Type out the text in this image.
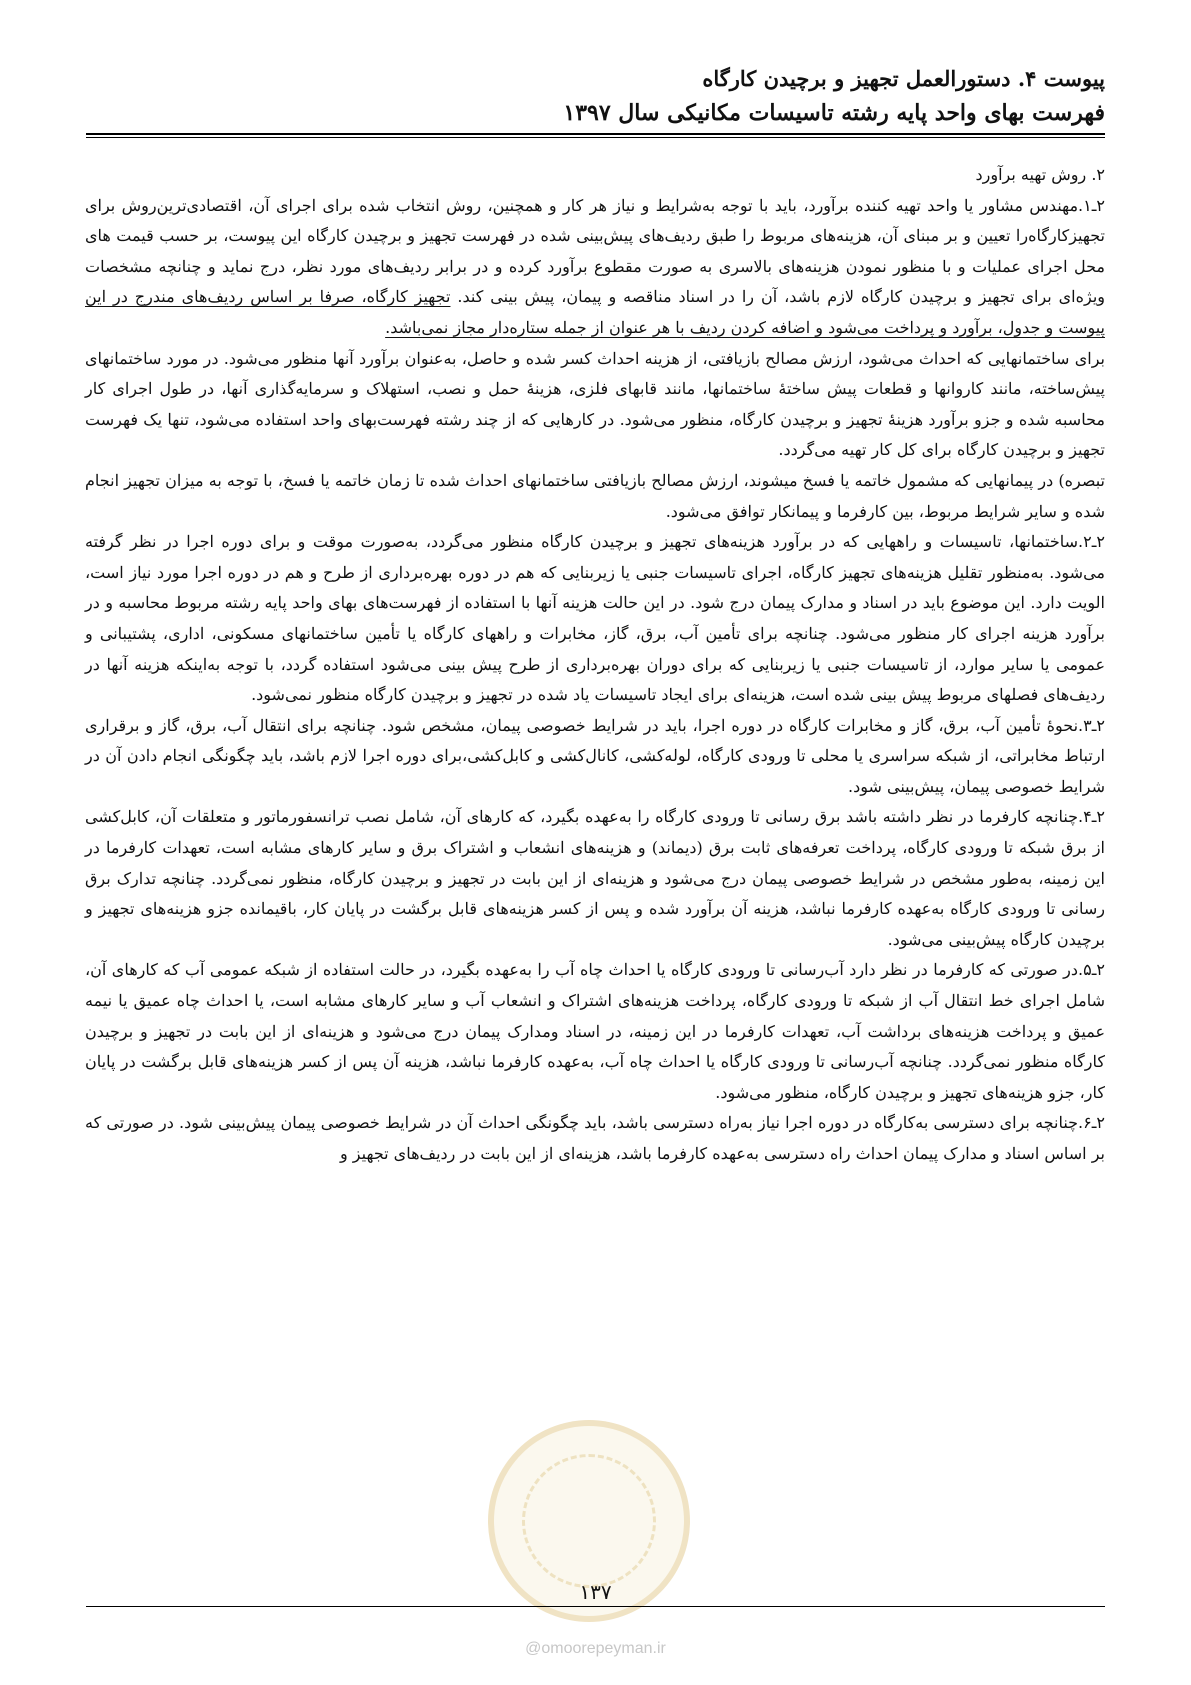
پیوست ۴. دستورالعمل تجهیز و برچیدن کارگاه
فهرست بهای واحد پایه رشته تاسیسات مکانیکی سال ۱۳۹۷

۲. روش تهیه برآورد

۲ـ۱.مهندس مشاور یا واحد تهیه کننده برآورد، باید با توجه به‌شرایط و نیاز هر کار و همچنین، روش انتخاب شده برای اجرای آن، اقتصادی‌ترین‌روش برای تجهیزکارگاه‌را تعیین و بر مبنای آن، هزینه‌های مربوط را طبق ردیف‌های پیش‌بینی شده در فهرست تجهیز و برچیدن کارگاه این پیوست، بر حسب قیمت های محل اجرای عملیات و با منظور نمودن هزینه‌های بالاسری به صورت مقطوع برآورد کرده و در برابر ردیف‌های مورد نظر، درج نماید و چنانچه مشخصات ویژه‌ای برای تجهیز و برچیدن کارگاه لازم باشد، آن را در اسناد مناقصه و پیمان، پیش بینی کند. تجهیز کارگاه، صرفا بر اساس ردیف‌های مندرج در این پیوست و جدول، برآورد و پرداخت می‌شود و اضافه کردن ردیف با هر عنوان از جمله ستاره‌دار مجاز نمی‌باشد.

برای ساختمانهایی که احداث می‌شود، ارزش مصالح بازیافتی، از هزینه احداث کسر شده و حاصل، به‌عنوان برآورد آنها منظور می‌شود. در مورد ساختمانهای پیش‌ساخته، مانند کاروانها و قطعات پیش ساختهٔ ساختمانها، مانند قابهای فلزی، هزینهٔ حمل و نصب، استهلاک و سرمایه‌گذاری آنها، در طول اجرای کار محاسبه شده و جزو برآورد هزینهٔ تجهیز و برچیدن کارگاه، منظور می‌شود. در کارهایی که از چند رشته فهرست‌بهای واحد استفاده می‌شود، تنها یک فهرست تجهیز و برچیدن کارگاه برای کل کار تهیه می‌گردد.

تبصره) در پیمانهایی که مشمول خاتمه یا فسخ میشوند، ارزش مصالح بازیافتی ساختمانهای احداث شده تا زمان خاتمه یا فسخ، با توجه به میزان تجهیز انجام شده و سایر شرایط مربوط، بین کارفرما و پیمانکار توافق می‌شود.

۲ـ۲.ساختمانها، تاسیسات و راههایی که در برآورد هزینه‌های تجهیز و برچیدن کارگاه منظور می‌گردد، به‌صورت موقت و برای دوره اجرا در نظر گرفته می‌شود. به‌منظور تقلیل هزینه‌های تجهیز کارگاه، اجرای تاسیسات جنبی یا زیربنایی که هم در دوره بهره‌برداری از طرح و هم در دوره اجرا مورد نیاز است، الویت دارد. این موضوع باید در اسناد و مدارک پیمان درج شود. در این حالت هزینه آنها با استفاده از فهرست‌های بهای واحد پایه رشته مربوط محاسبه و در برآورد هزینه اجرای کار منظور می‌شود. چنانچه برای تأمین آب، برق، گاز، مخابرات و راههای کارگاه یا تأمین ساختمانهای مسکونی، اداری، پشتیبانی و عمومی یا سایر موارد، از تاسیسات جنبی یا زیربنایی که برای دوران بهره‌برداری از طرح پیش بینی می‌شود استفاده گردد، با توجه به‌اینکه هزینه آنها در ردیف‌های فصلهای مربوط پیش بینی شده است، هزینه‌ای برای ایجاد تاسیسات یاد شده در تجهیز و برچیدن کارگاه منظور نمی‌شود.

۲ـ۳.نحوهٔ تأمین آب، برق، گاز و مخابرات کارگاه در دوره اجرا، باید در شرایط خصوصی پیمان، مشخص شود. چنانچه برای انتقال آب، برق، گاز و برقراری ارتباط مخابراتی، از شبکه سراسری یا محلی تا ورودی کارگاه، لوله‌کشی، کانال‌کشی و کابل‌کشی،برای دوره اجرا لازم باشد، باید چگونگی انجام دادن آن در شرایط خصوصی پیمان، پیش‌بینی شود.

۲ـ۴.چنانچه کارفرما در نظر داشته باشد برق رسانی تا ورودی کارگاه را به‌عهده بگیرد، که کارهای آن، شامل نصب ترانسفورماتور و متعلقات آن، کابل‌کشی از برق شبکه تا ورودی کارگاه، پرداخت تعرفه‌های ثابت برق (دیماند) و هزینه‌های انشعاب و اشتراک برق و سایر کارهای مشابه است، تعهدات کارفرما در این زمینه، به‌طور مشخص در شرایط خصوصی پیمان درج می‌شود و هزینه‌ای از این بابت در تجهیز و برچیدن کارگاه، منظور نمی‌گردد. چنانچه تدارک برق رسانی تا ورودی کارگاه به‌عهده کارفرما نباشد، هزینه آن برآورد شده و پس از کسر هزینه‌های قابل برگشت در پایان کار، باقیمانده جزو هزینه‌های تجهیز و برچیدن کارگاه پیش‌بینی می‌شود.

۲ـ۵.در صورتی که کارفرما در نظر دارد آب‌رسانی تا ورودی کارگاه یا احداث چاه آب را به‌عهده بگیرد، در حالت استفاده از شبکه عمومی آب که کارهای آن، شامل اجرای خط انتقال آب از شبکه تا ورودی کارگاه، پرداخت هزینه‌های اشتراک و انشعاب آب و سایر کارهای مشابه است، یا احداث چاه عمیق یا نیمه عمیق و پرداخت هزینه‌های برداشت آب، تعهدات کارفرما در این زمینه، در اسناد ومدارک پیمان درج می‌شود و هزینه‌ای از این بابت در تجهیز و برچیدن کارگاه منظور نمی‌گردد. چنانچه آب‌رسانی تا ورودی کارگاه یا احداث چاه آب، به‌عهده کارفرما نباشد، هزینه آن پس از کسر هزینه‌های قابل برگشت در پایان کار، جزو هزینه‌های تجهیز و برچیدن کارگاه، منظور می‌شود.

۲ـ۶.چنانچه برای دسترسی به‌کارگاه در دوره اجرا نیاز به‌راه دسترسی باشد، باید چگونگی احداث آن در شرایط خصوصی پیمان پیش‌بینی شود. در صورتی که بر اساس اسناد و مدارک پیمان احداث راه دسترسی به‌عهده کارفرما باشد، هزینه‌ای از این بابت در ردیف‌های تجهیز و

۱۳۷
@omoorepeyman.ir
